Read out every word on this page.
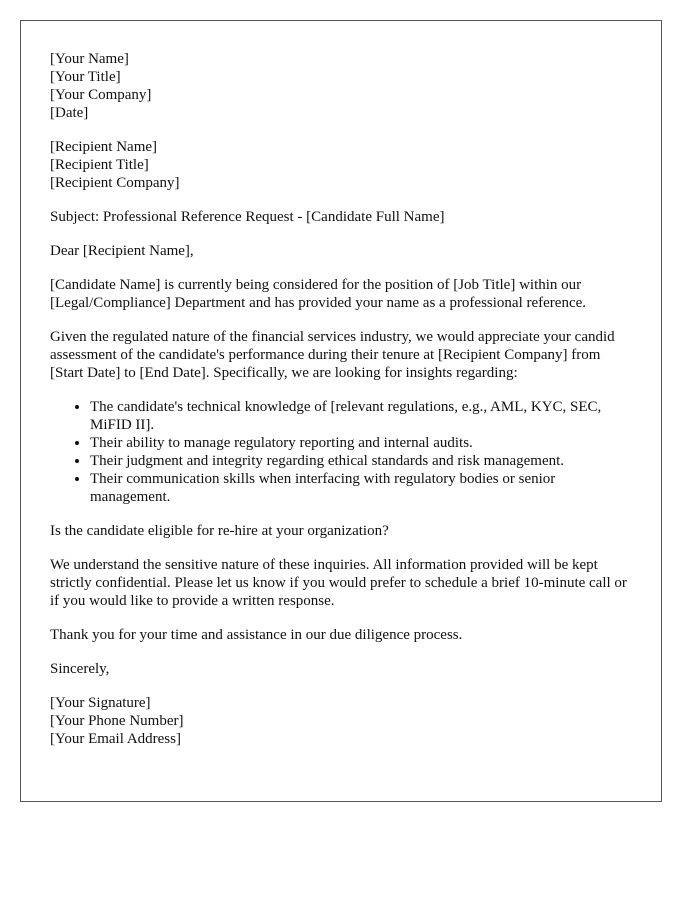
[Your Name]
[Your Title]
[Your Company]
[Date]
[Recipient Name]
[Recipient Title]
[Recipient Company]

Subject: Professional Reference Request - [Candidate Full Name]

Dear [Recipient Name],

[Candidate Name] is currently being considered for the position of [Job Title] within our [Legal/Compliance] Department and has provided your name as a professional reference.

Given the regulated nature of the financial services industry, we would appreciate your candid assessment of the candidate's performance during their tenure at [Recipient Company] from [Start Date] to [End Date]. Specifically, we are looking for insights regarding:

• The candidate's technical knowledge of [relevant regulations, e.g., AML, KYC, SEC, MiFID II].
• Their ability to manage regulatory reporting and internal audits.
• Their judgment and integrity regarding ethical standards and risk management.
• Their communication skills when interfacing with regulatory bodies or senior management.

Is the candidate eligible for re-hire at your organization?

We understand the sensitive nature of these inquiries. All information provided will be kept strictly confidential. Please let us know if you would prefer to schedule a brief 10-minute call or if you would like to provide a written response.

Thank you for your time and assistance in our due diligence process.

Sincerely,

[Your Signature]
[Your Phone Number]
[Your Email Address]
